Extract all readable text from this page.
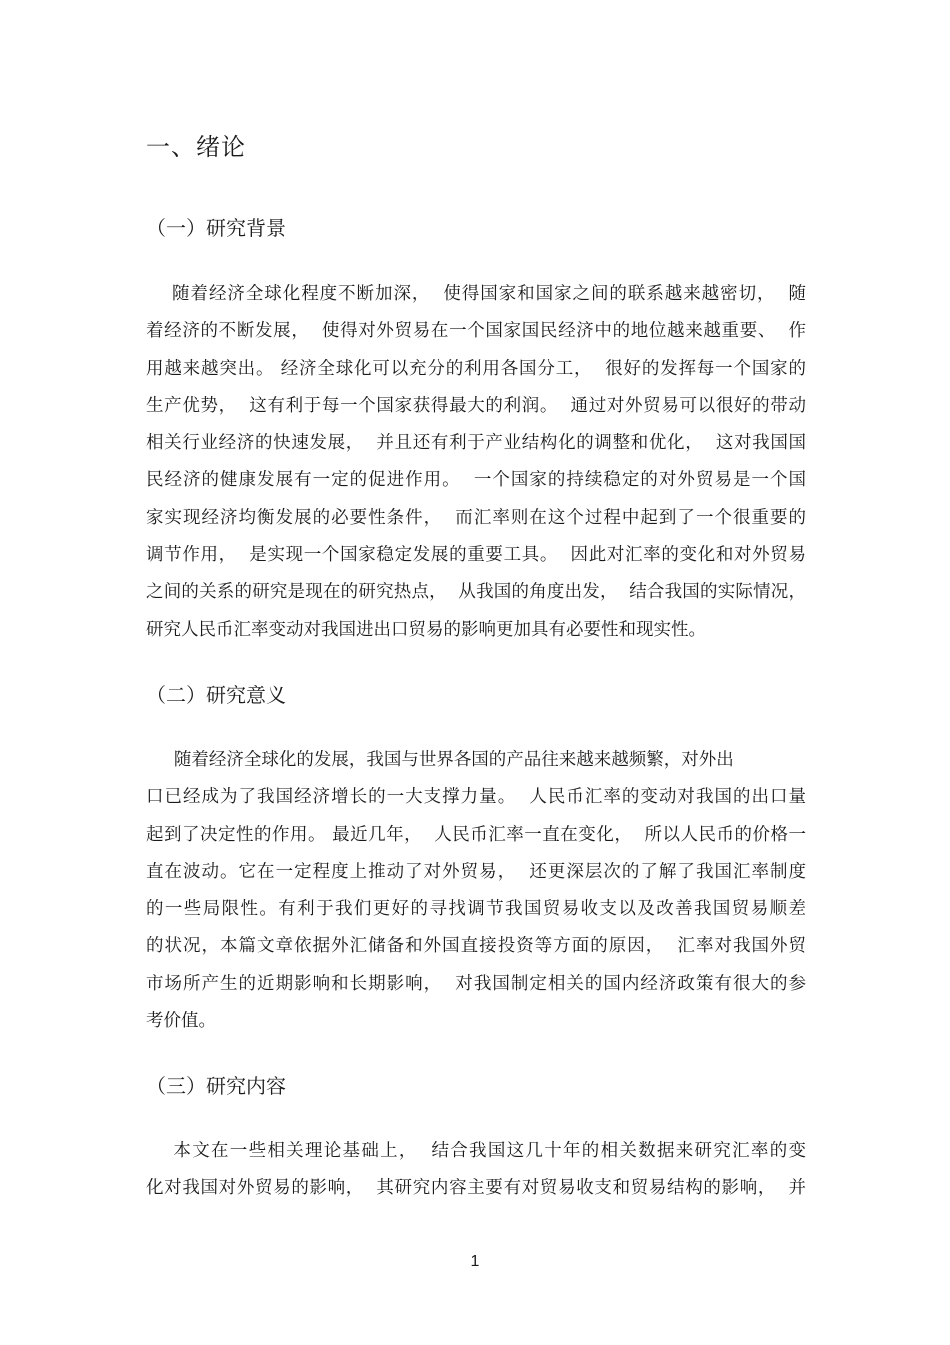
一、绪论
（一）研究背景
随着经济全球化程度不断加深，  使得国家和国家之间的联系越来越密切，  随
着经济的不断发展，  使得对外贸易在一个国家国民经济中的地位越来越重要、  作
用越来越突出。 经济全球化可以充分的利用各国分工，  很好的发挥每一个国家的
生产优势，  这有利于每一个国家获得最大的利润。  通过对外贸易可以很好的带动
相关行业经济的快速发展，  并且还有利于产业结构化的调整和优化，  这对我国国
民经济的健康发展有一定的促进作用。  一个国家的持续稳定的对外贸易是一个国
家实现经济均衡发展的必要性条件，  而汇率则在这个过程中起到了一个很重要的
调节作用，  是实现一个国家稳定发展的重要工具。  因此对汇率的变化和对外贸易
之间的关系的研究是现在的研究热点，  从我国的角度出发，  结合我国的实际情况，
研究人民币汇率变动对我国进出口贸易的影响更加具有必要性和现实性。
（二）研究意义
随着经济全球化的发展，我国与世界各国的产品往来越来越频繁，对外出
口已经成为了我国经济增长的一大支撑力量。  人民币汇率的变动对我国的出口量
起到了决定性的作用。 最近几年，  人民币汇率一直在变化，  所以人民币的价格一
直在波动。它在一定程度上推动了对外贸易，  还更深层次的了解了我国汇率制度
的一些局限性。有利于我们更好的寻找调节我国贸易收支以及改善我国贸易顺差
的状况，本篇文章依据外汇储备和外国直接投资等方面的原因，  汇率对我国外贸
市场所产生的近期影响和长期影响，  对我国制定相关的国内经济政策有很大的参
考价值。
（三）研究内容
本文在一些相关理论基础上，  结合我国这几十年的相关数据来研究汇率的变
化对我国对外贸易的影响，  其研究内容主要有对贸易收支和贸易结构的影响，  并
1
